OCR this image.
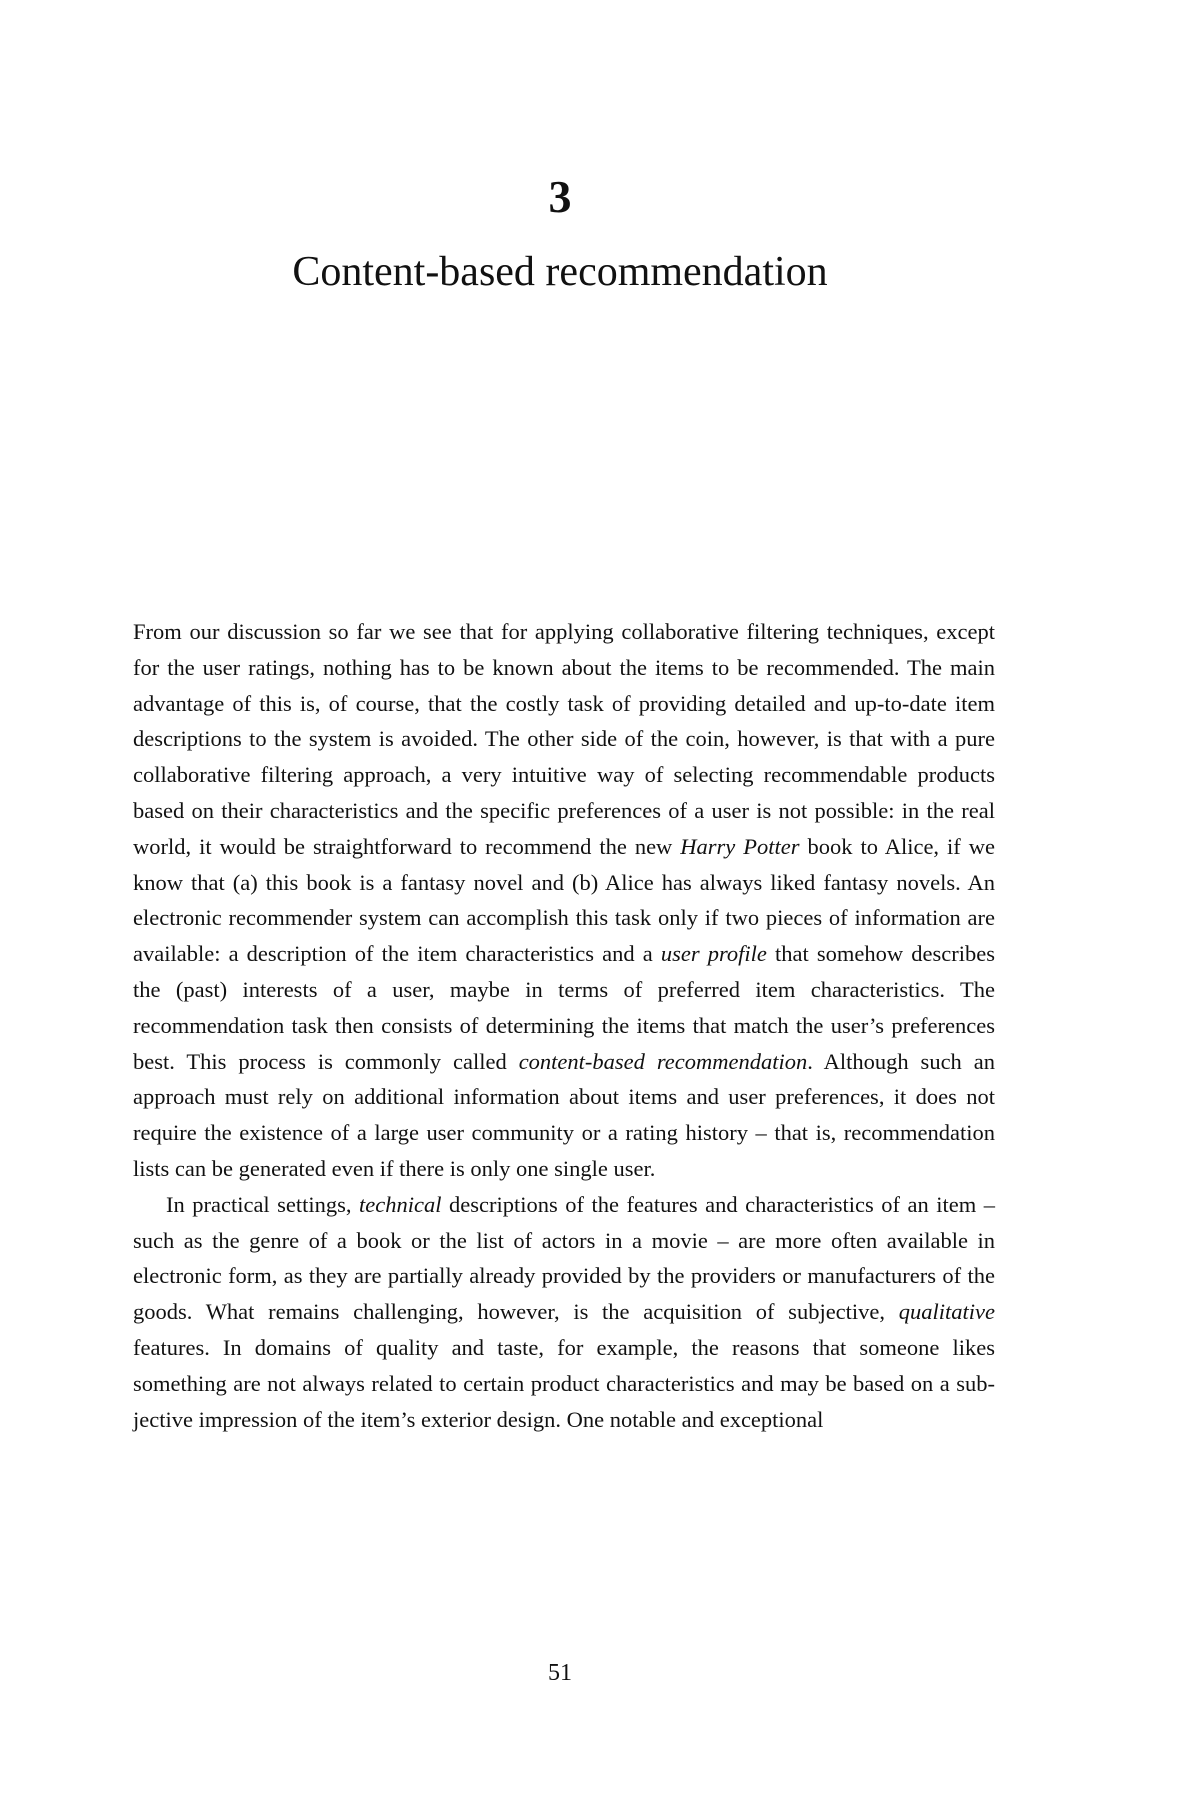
3
Content-based recommendation

From our discussion so far we see that for applying collaborative filtering techniques, except for the user ratings, nothing has to be known about the items to be recommended. The main advantage of this is, of course, that the costly task of providing detailed and up-to-date item descriptions to the system is avoided. The other side of the coin, however, is that with a pure collaborative filtering approach, a very intuitive way of selecting recommendable products based on their characteristics and the specific preferences of a user is not possible: in the real world, it would be straightforward to recommend the new Harry Potter book to Alice, if we know that (a) this book is a fantasy novel and (b) Alice has always liked fantasy novels. An electronic recommender system can accomplish this task only if two pieces of information are available: a description of the item characteristics and a user profile that somehow describes the (past) interests of a user, maybe in terms of preferred item characteristics. The recommendation task then consists of determining the items that match the user’s preferences best. This process is commonly called content-based recommendation. Although such an approach must rely on additional information about items and user preferences, it does not require the existence of a large user community or a rating history – that is, recommendation lists can be generated even if there is only one single user.

In practical settings, technical descriptions of the features and characteristics of an item – such as the genre of a book or the list of actors in a movie – are more often available in electronic form, as they are partially already provided by the providers or manufacturers of the goods. What remains challenging, however, is the acquisition of subjective, qualitative features. In domains of quality and taste, for example, the reasons that someone likes something are not always related to certain product characteristics and may be based on a subjective impression of the item’s exterior design. One notable and exceptional

51
